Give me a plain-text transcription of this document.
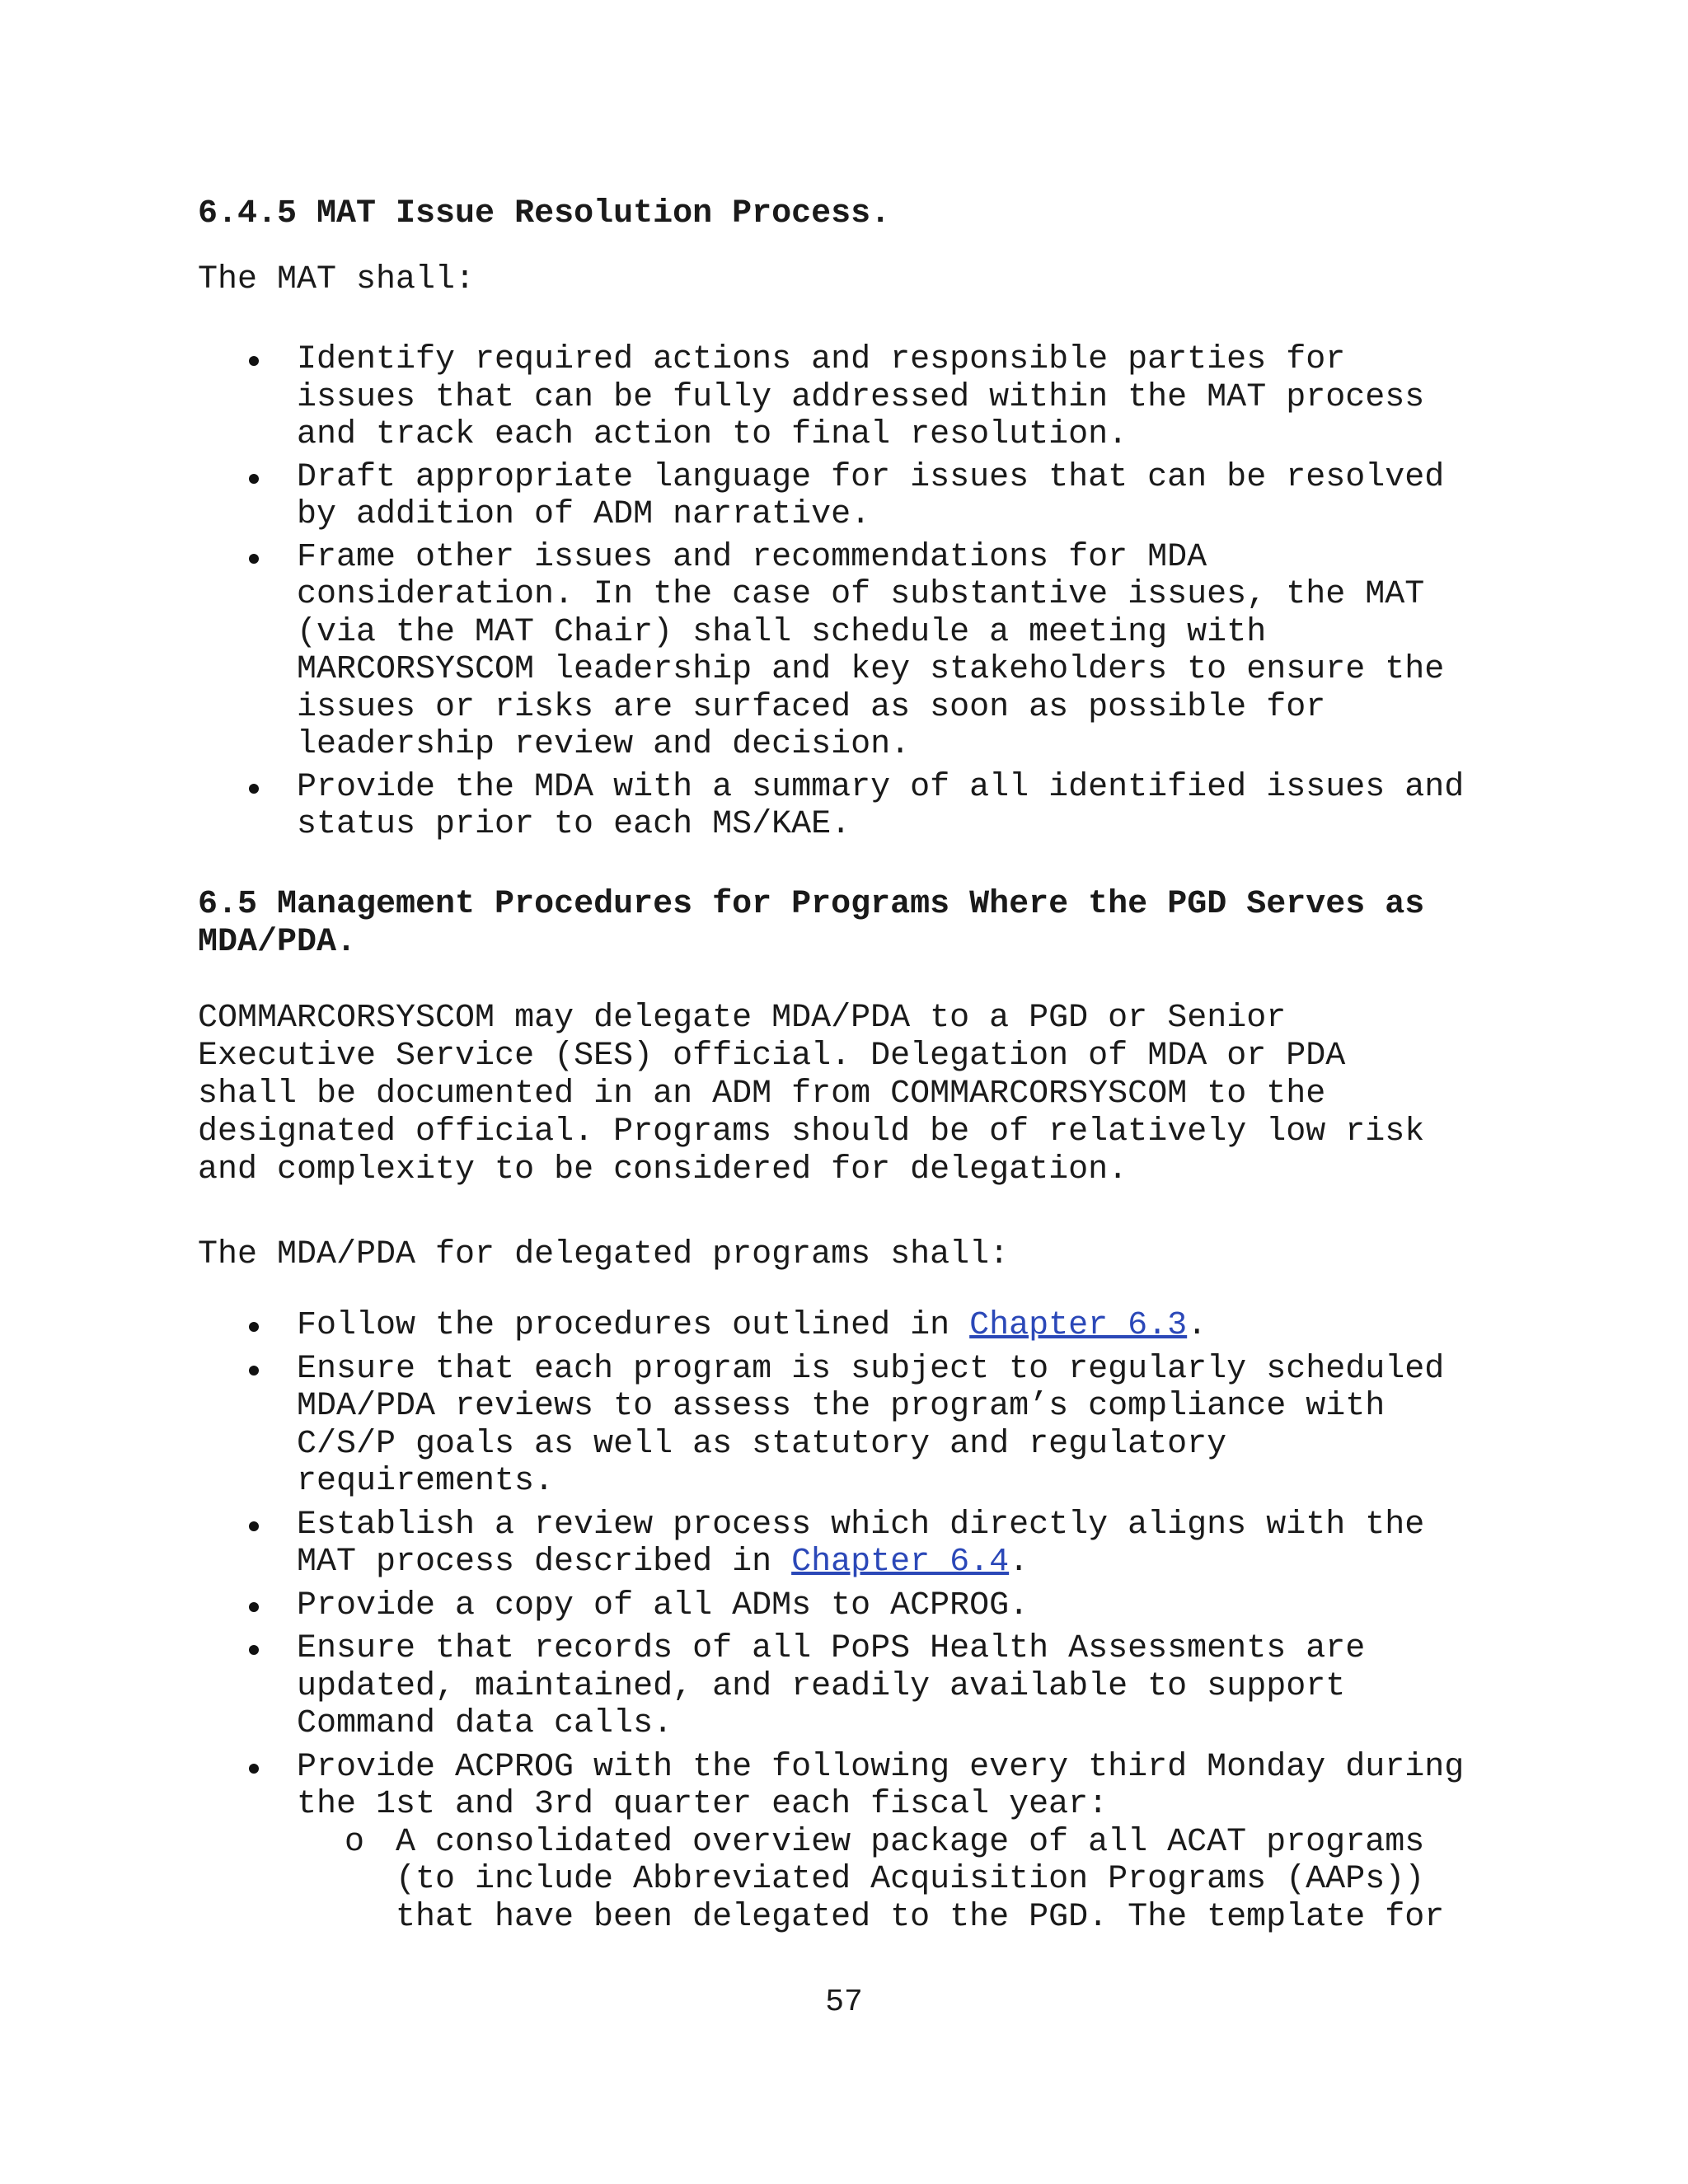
6.4.5 MAT Issue Resolution Process.

The MAT shall:

Identify required actions and responsible parties for
issues that can be fully addressed within the MAT process
and track each action to final resolution.
Draft appropriate language for issues that can be resolved
by addition of ADM narrative.
Frame other issues and recommendations for MDA
consideration. In the case of substantive issues, the MAT
(via the MAT Chair) shall schedule a meeting with
MARCORSYSCOM leadership and key stakeholders to ensure the
issues or risks are surfaced as soon as possible for
leadership review and decision.
Provide the MDA with a summary of all identified issues and
status prior to each MS/KAE.
6.5 Management Procedures for Programs Where the PGD Serves as
MDA/PDA.

COMMARCORSYSCOM may delegate MDA/PDA to a PGD or Senior
Executive Service (SES) official. Delegation of MDA or PDA
shall be documented in an ADM from COMMARCORSYSCOM to the
designated official. Programs should be of relatively low risk
and complexity to be considered for delegation.

The MDA/PDA for delegated programs shall:

Follow the procedures outlined in Chapter 6.3.
Ensure that each program is subject to regularly scheduled
MDA/PDA reviews to assess the program’s compliance with
C/S/P goals as well as statutory and regulatory
requirements.
Establish a review process which directly aligns with the
MAT process described in Chapter 6.4.
Provide a copy of all ADMs to ACPROG.
Ensure that records of all PoPS Health Assessments are
updated, maintained, and readily available to support
Command data calls.
Provide ACPROG with the following every third Monday during
the 1st and 3rd quarter each fiscal year:
o A consolidated overview package of all ACAT programs
(to include Abbreviated Acquisition Programs (AAPs))
that have been delegated to the PGD. The template for
57
